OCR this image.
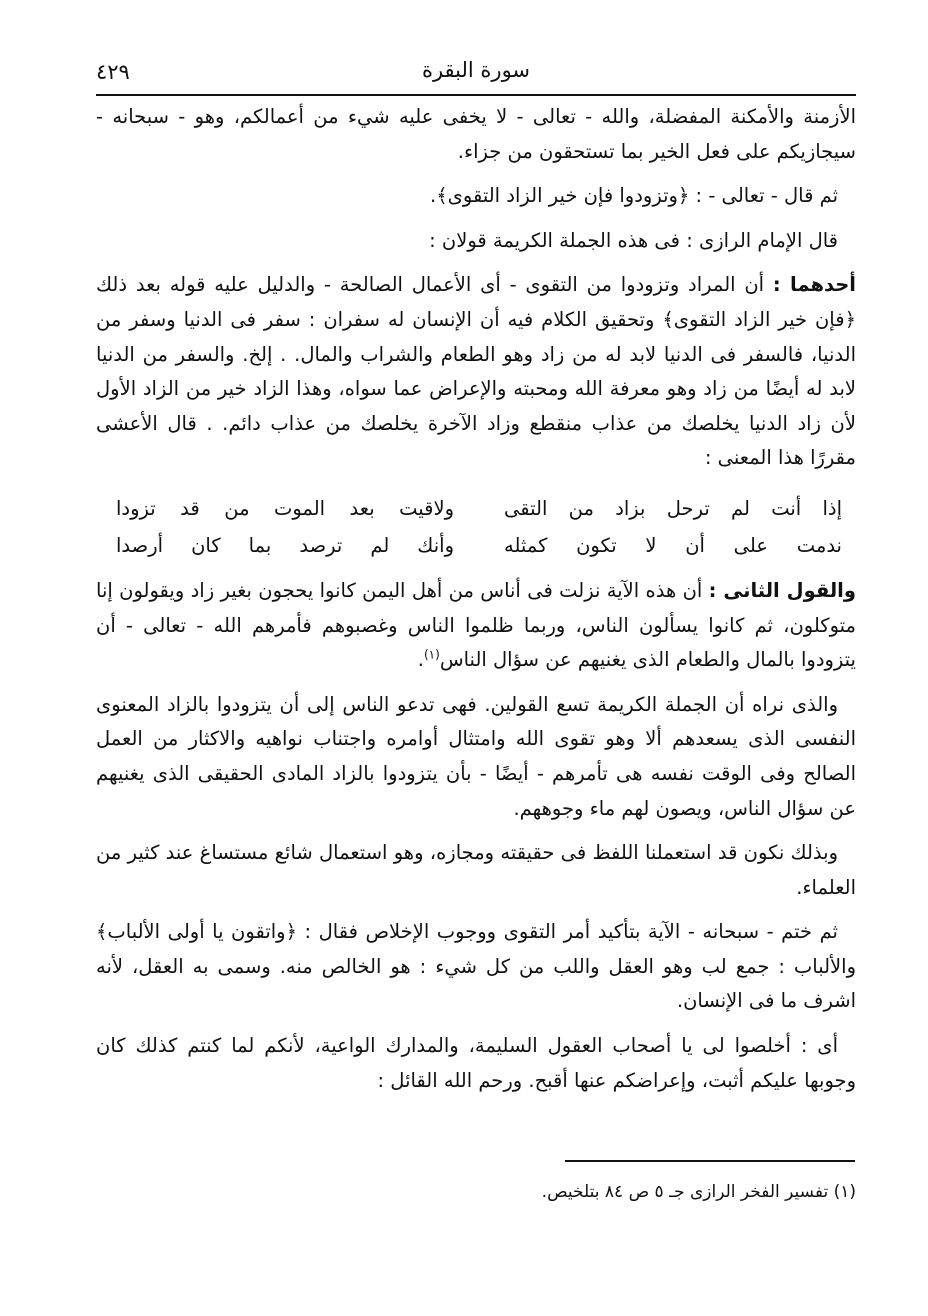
سورة البقرة
٤٢٩

الأزمنة والأمكنة المفضلة، والله - تعالى - لا يخفى عليه شيء من أعمالكم، وهو - سبحانه - سيجازيكم على فعل الخير بما تستحقون من جزاء.

ثم قال - تعالى - : ﴿وتزودوا فإن خير الزاد التقوى﴾.

قال الإمام الرازى : فى هذه الجملة الكريمة قولان :

أحدهما : أن المراد وتزودوا من التقوى - أى الأعمال الصالحة - والدليل عليه قوله بعد ذلك ﴿فإن خير الزاد التقوى﴾ وتحقيق الكلام فيه أن الإنسان له سفران : سفر فى الدنيا وسفر من الدنيا، فالسفر فى الدنيا لابد له من زاد وهو الطعام والشراب والمال. . إلخ. والسفر من الدنيا لابد له أيضًا من زاد وهو معرفة الله ومحبته والإعراض عما سواه، وهذا الزاد خير من الزاد الأول لأن زاد الدنيا يخلصك من عذاب منقطع وزاد الآخرة يخلصك من عذاب دائم. . قال الأعشى مقررًا هذا المعنى :

إذا أنت لم ترحل بزاد من التقى
ولاقيت بعد الموت من قد تزودا
ندمت على أن لا تكون كمثله
وأنك لم ترصد بما كان أرصدا

والقول الثانى : أن هذه الآية نزلت فى أناس من أهل اليمن كانوا يحجون بغير زاد ويقولون إنا متوكلون، ثم كانوا يسألون الناس، وربما ظلموا الناس وغصبوهم فأمرهم الله - تعالى - أن يتزودوا بالمال والطعام الذى يغنيهم عن سؤال الناس$^{(١)}$.

والذى نراه أن الجملة الكريمة تسع القولين. فهى تدعو الناس إلى أن يتزودوا بالزاد المعنوى النفسى الذى يسعدهم ألا وهو تقوى الله وامتثال أوامره واجتناب نواهيه والاكثار من العمل الصالح وفى الوقت نفسه هى تأمرهم - أيضًا - بأن يتزودوا بالزاد المادى الحقيقى الذى يغنيهم عن سؤال الناس، ويصون لهم ماء وجوههم.

وبذلك نكون قد استعملنا اللفظ فى حقيقته ومجازه، وهو استعمال شائع مستساغ عند كثير من العلماء.

ثم ختم - سبحانه - الآية بتأكيد أمر التقوى ووجوب الإخلاص فقال : ﴿واتقون يا أولى الألباب﴾ والألباب : جمع لب وهو العقل واللب من كل شيء : هو الخالص منه. وسمى به العقل، لأنه اشرف ما فى الإنسان.

أى : أخلصوا لى يا أصحاب العقول السليمة، والمدارك الواعية، لأنكم لما كنتم كذلك كان وجوبها عليكم أثبت، وإعراضكم عنها أقبح. ورحم الله القائل :

(١) تفسير الفخر الرازى جـ ٥ ص ٨٤ بتلخيص.
